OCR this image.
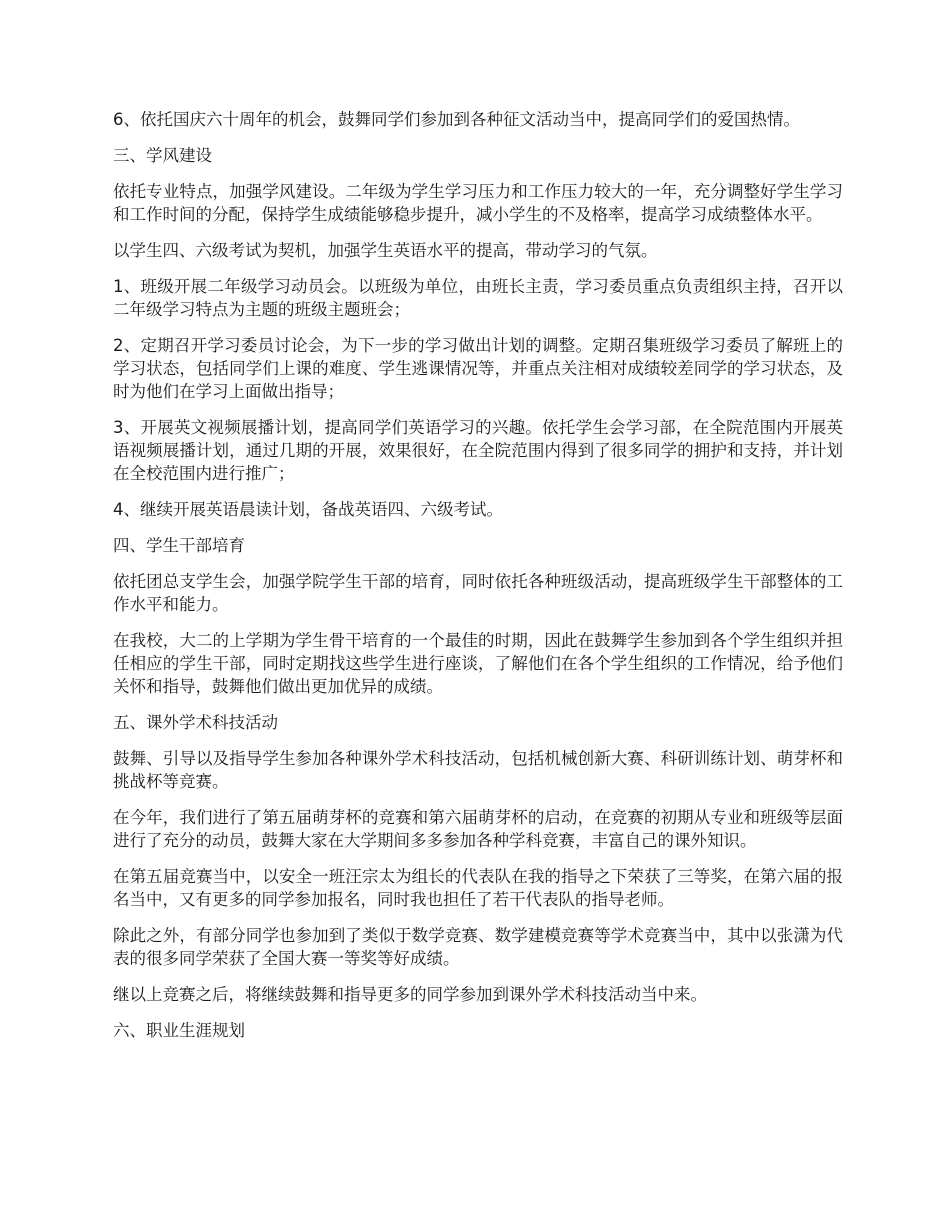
6、依托国庆六十周年的机会，鼓舞同学们参加到各种征文活动当中，提高同学们的爱国热情。

三、学风建设

依托专业特点，加强学风建设。二年级为学生学习压力和工作压力较大的一年，充分调整好学生学习和工作时间的分配，保持学生成绩能够稳步提升，减小学生的不及格率，提高学习成绩整体水平。

以学生四、六级考试为契机，加强学生英语水平的提高，带动学习的气氛。

1、班级开展二年级学习动员会。以班级为单位，由班长主责，学习委员重点负责组织主持，召开以二年级学习特点为主题的班级主题班会；

2、定期召开学习委员讨论会，为下一步的学习做出计划的调整。定期召集班级学习委员了解班上的学习状态，包括同学们上课的难度、学生逃课情况等，并重点关注相对成绩较差同学的学习状态，及时为他们在学习上面做出指导；

3、开展英文视频展播计划，提高同学们英语学习的兴趣。依托学生会学习部，在全院范围内开展英语视频展播计划，通过几期的开展，效果很好，在全院范围内得到了很多同学的拥护和支持，并计划在全校范围内进行推广；

4、继续开展英语晨读计划，备战英语四、六级考试。

四、学生干部培育

依托团总支学生会，加强学院学生干部的培育，同时依托各种班级活动，提高班级学生干部整体的工作水平和能力。

在我校，大二的上学期为学生骨干培育的一个最佳的时期，因此在鼓舞学生参加到各个学生组织并担任相应的学生干部，同时定期找这些学生进行座谈，了解他们在各个学生组织的工作情况，给予他们关怀和指导，鼓舞他们做出更加优异的成绩。

五、课外学术科技活动

鼓舞、引导以及指导学生参加各种课外学术科技活动，包括机械创新大赛、科研训练计划、萌芽杯和挑战杯等竞赛。

在今年，我们进行了第五届萌芽杯的竞赛和第六届萌芽杯的启动，在竞赛的初期从专业和班级等层面进行了充分的动员，鼓舞大家在大学期间多多参加各种学科竞赛，丰富自己的课外知识。

在第五届竞赛当中，以安全一班汪宗太为组长的代表队在我的指导之下荣获了三等奖，在第六届的报名当中，又有更多的同学参加报名，同时我也担任了若干代表队的指导老师。

除此之外，有部分同学也参加到了类似于数学竞赛、数学建模竞赛等学术竞赛当中，其中以张潇为代表的很多同学荣获了全国大赛一等奖等好成绩。

继以上竞赛之后，将继续鼓舞和指导更多的同学参加到课外学术科技活动当中来。

六、职业生涯规划
